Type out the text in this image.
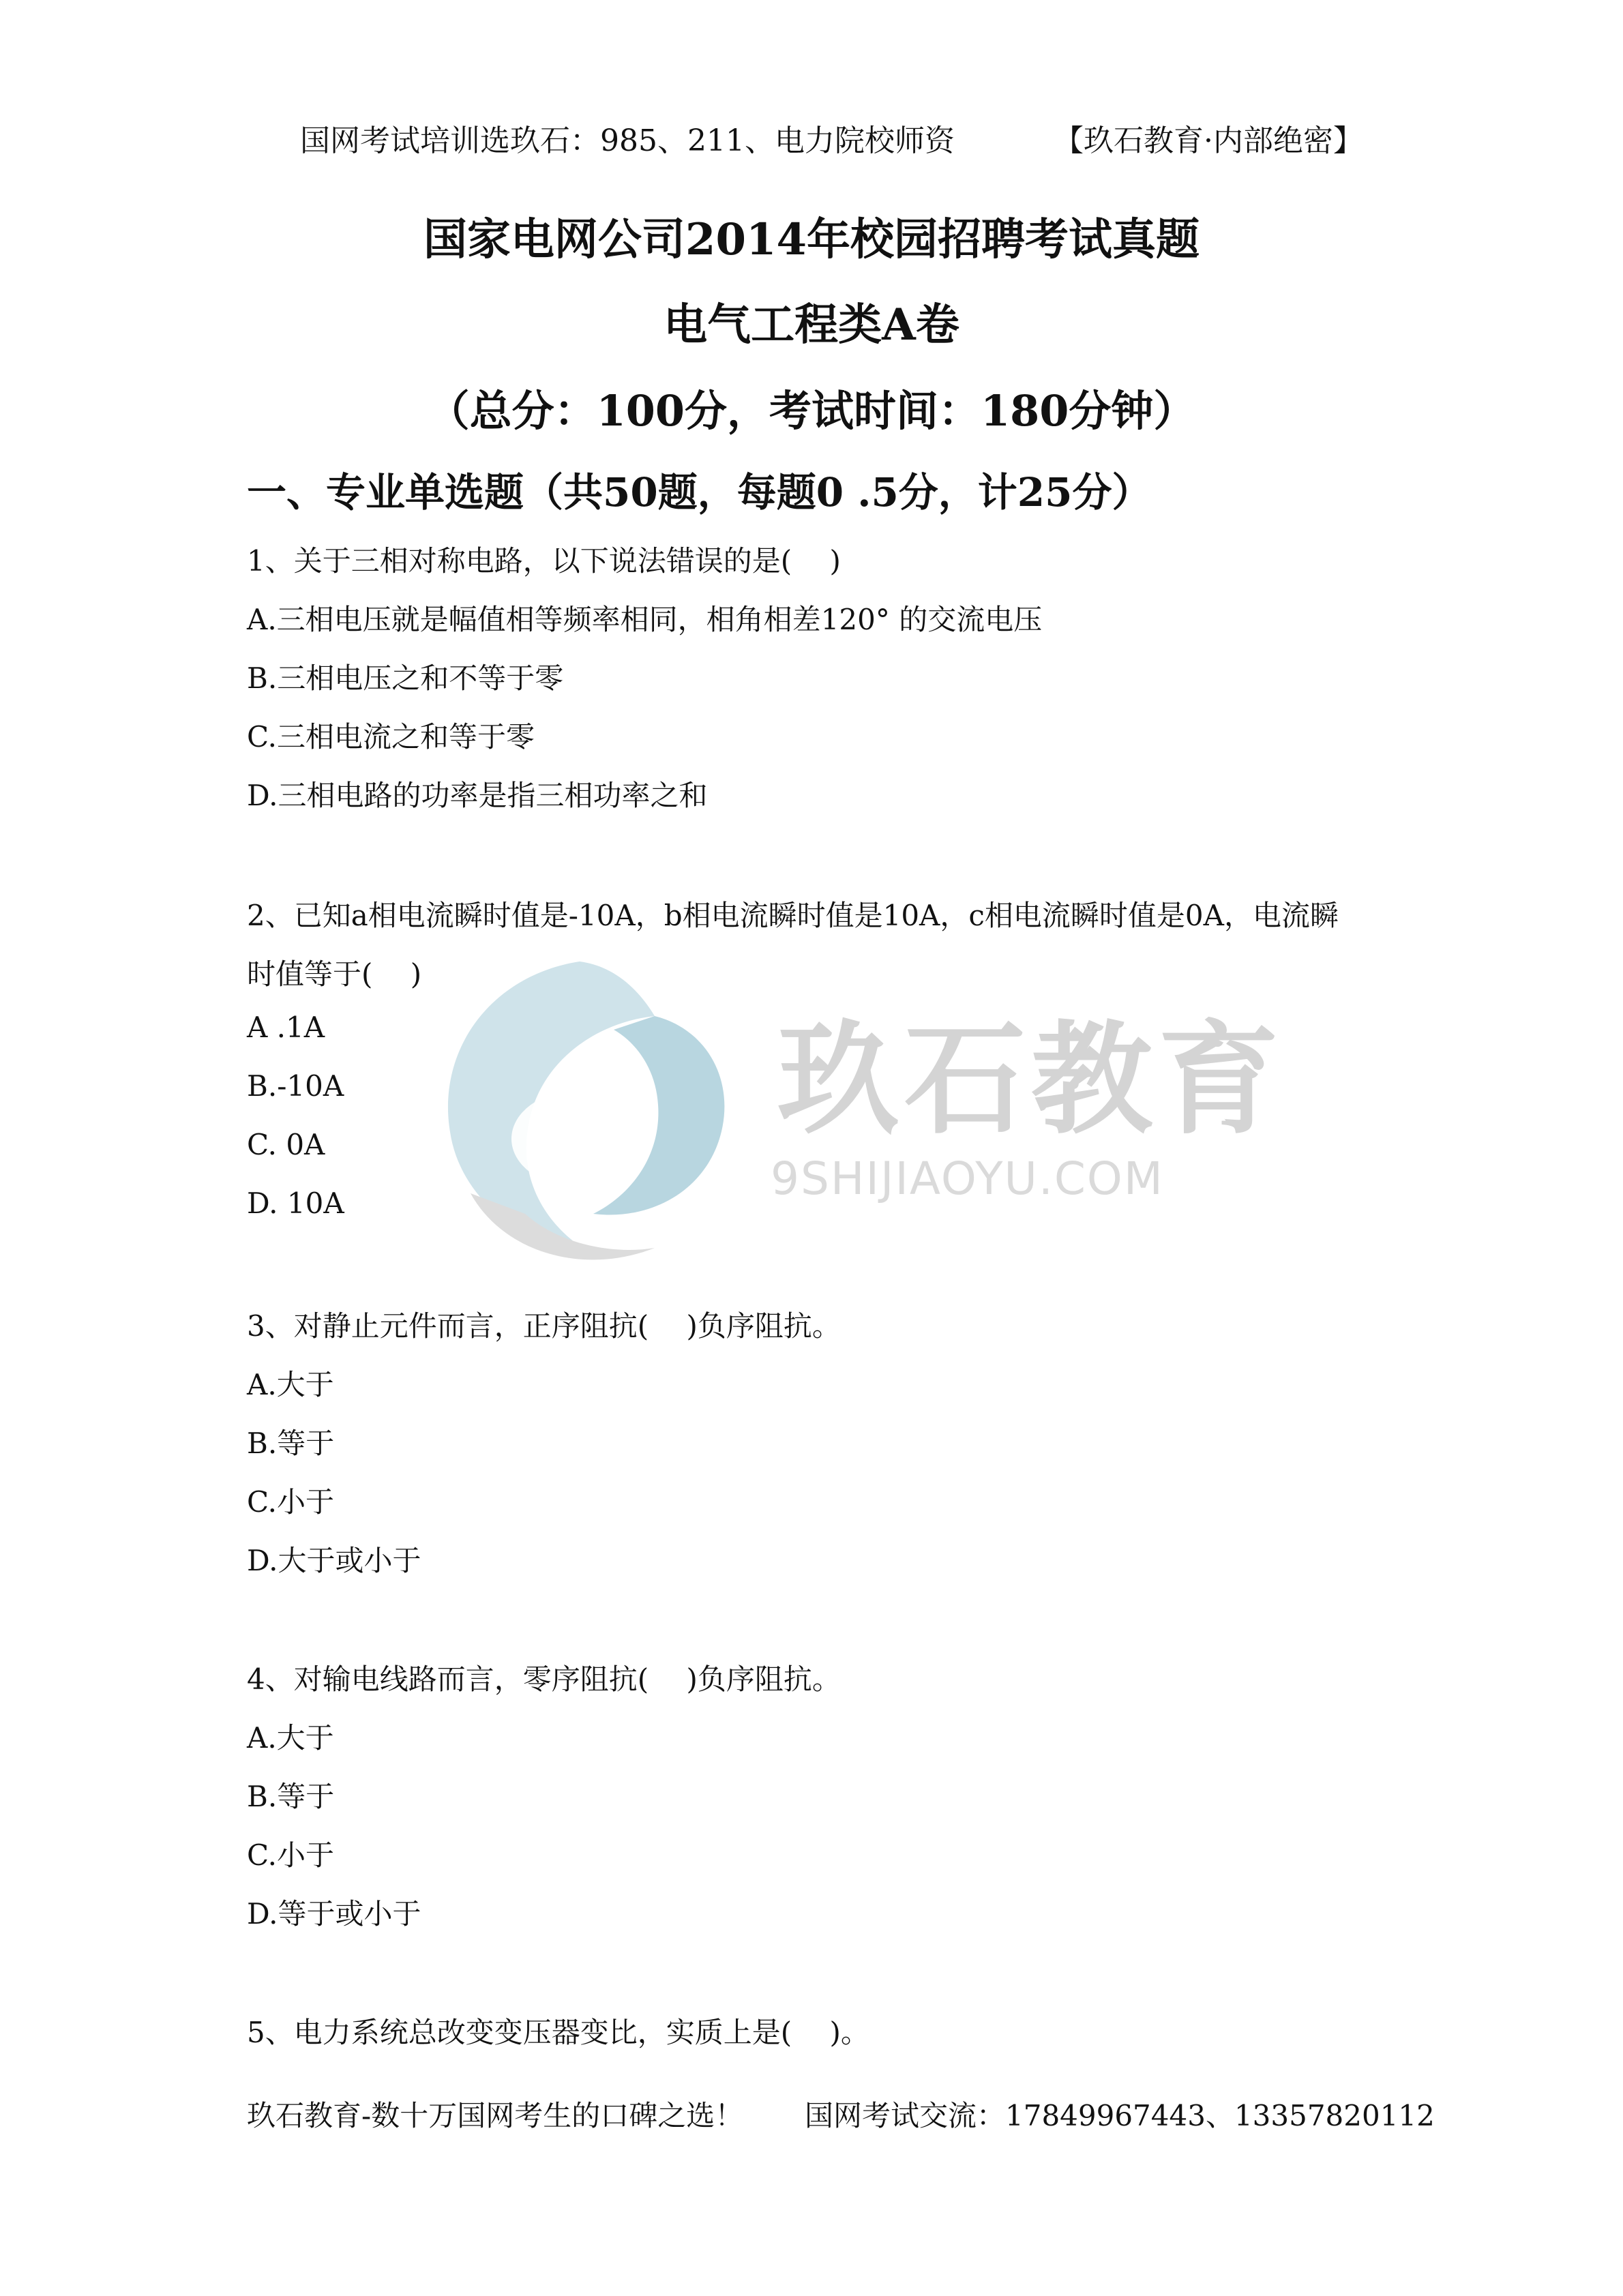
玖石教育
9SHIJIAOYU.COM
国网考试培训选玖石：985、211、电力院校师资	【玖石教育·内部绝密】
国家电网公司2014年校园招聘考试真题
电气工程类A卷
（总分：100分，考试时间：180分钟）
一、专业单选题（共50题，每题0 .5分，计25分）
1、关于三相对称电路，以下说法错误的是(　 )
A.三相电压就是幅值相等频率相同，相角相差120° 的交流电压
B.三相电压之和不等于零
C.三相电流之和等于零
D.三相电路的功率是指三相功率之和
2、已知a相电流瞬时值是-10A，b相电流瞬时值是10A，c相电流瞬时值是0A，电流瞬
时值等于(　 )
A .1A
B.-10A
C. 0A
D. 10A
3、对静止元件而言，正序阻抗(　 )负序阻抗。
A.大于
B.等于
C.小于
D.大于或小于
4、对输电线路而言，零序阻抗(　 )负序阻抗。
A.大于
B.等于
C.小于
D.等于或小于
5、电力系统总改变变压器变比，实质上是(　 )。
玖石教育-数十万国网考生的口碑之选！ 国网考试交流：17849967443、13357820112
